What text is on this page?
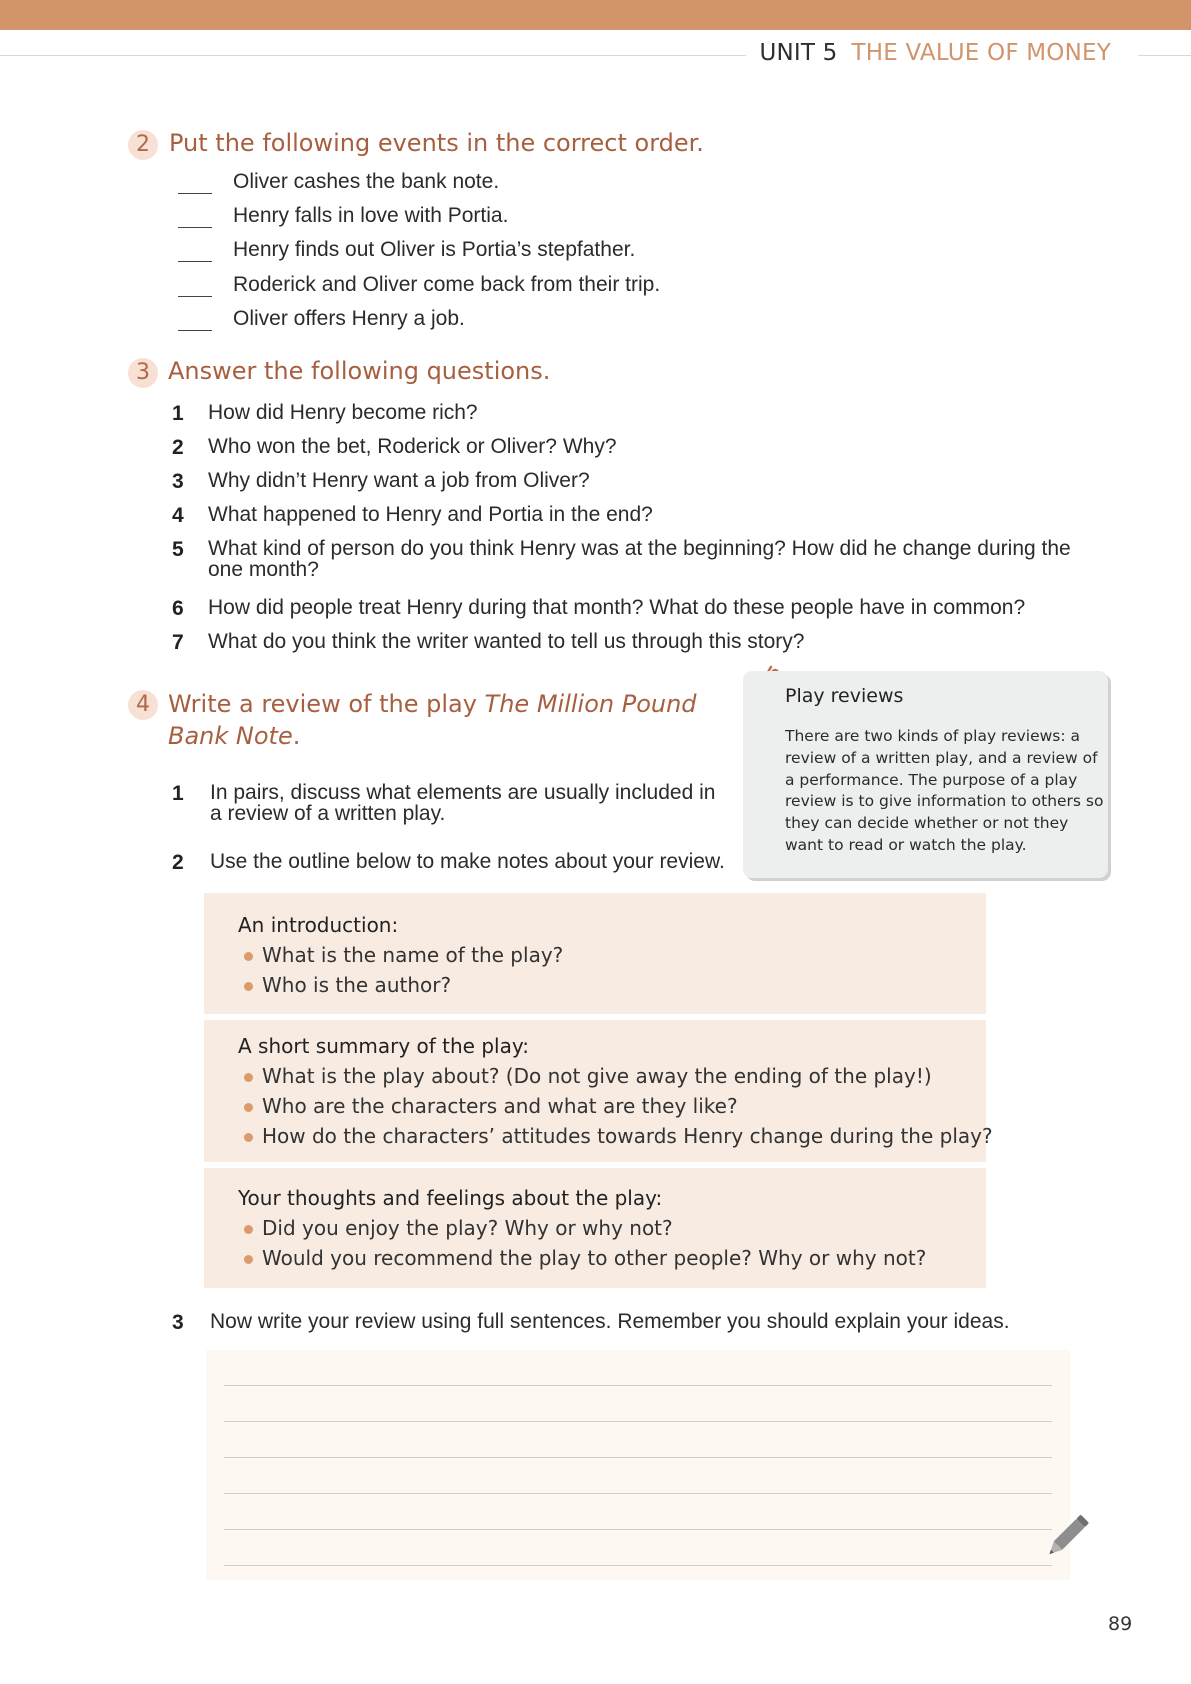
UNIT 5 THE VALUE OF MONEY
2 Put the following events in the correct order.
Oliver cashes the bank note.
Henry falls in love with Portia.
Henry finds out Oliver is Portia’s stepfather.
Roderick and Oliver come back from their trip.
Oliver offers Henry a job.
3 Answer the following questions.
1 How did Henry become rich?
2 Who won the bet, Roderick or Oliver? Why?
3 Why didn’t Henry want a job from Oliver?
4 What happened to Henry and Portia in the end?
5 What kind of person do you think Henry was at the beginning? How did he change during the one month?
6 How did people treat Henry during that month? What do these people have in common?
7 What do you think the writer wanted to tell us through this story?
4 Write a review of the play The Million Pound
Bank Note.
1 In pairs, discuss what elements are usually included in a review of a written play.
2 Use the outline below to make notes about your review.
Play reviews
There are two kinds of play reviews: a review of a written play, and a review of a performance. The purpose of a play review is to give information to others so they can decide whether or not they want to read or watch the play.
An introduction:
What is the name of the play?
Who is the author?
A short summary of the play:
What is the play about? (Do not give away the ending of the play!)
Who are the characters and what are they like?
How do the characters’ attitudes towards Henry change during the play?
Your thoughts and feelings about the play:
Did you enjoy the play? Why or why not?
Would you recommend the play to other people? Why or why not?
3 Now write your review using full sentences. Remember you should explain your ideas.
89
